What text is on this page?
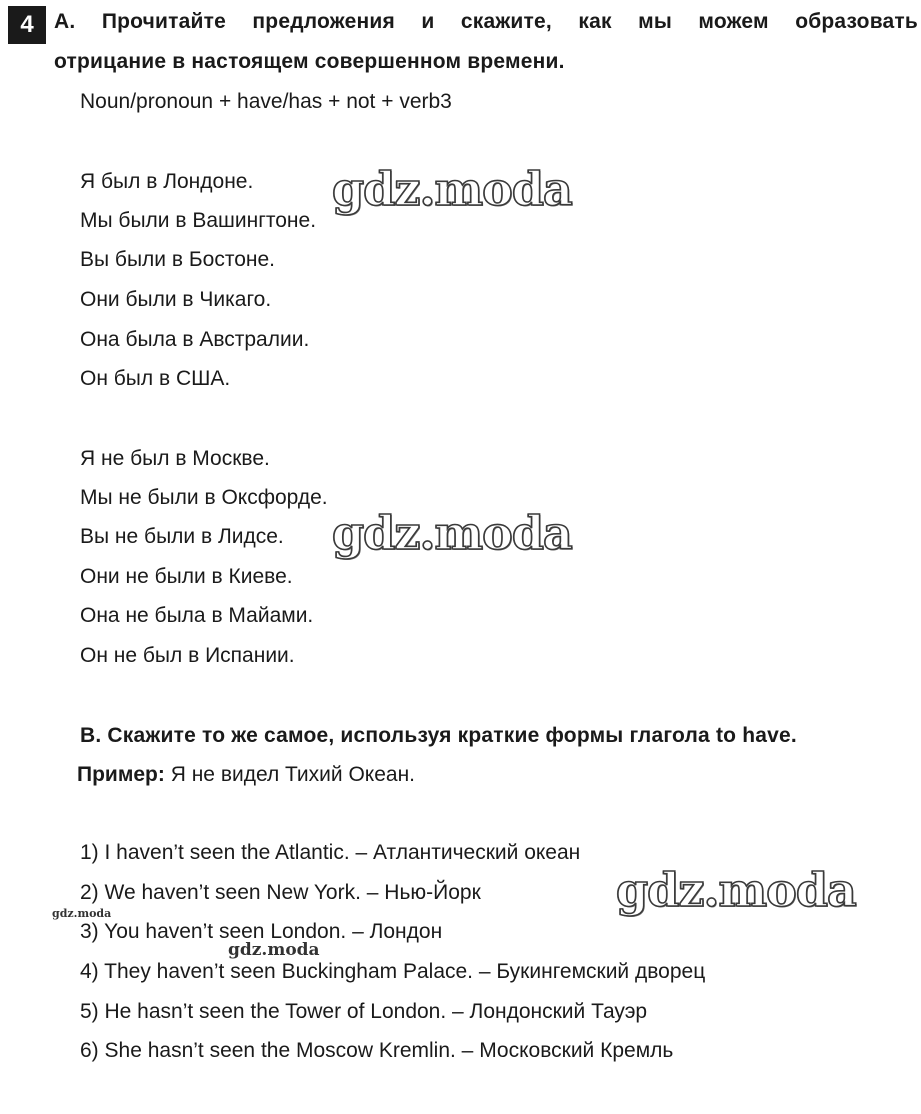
4 A. Прочитайте предложения и скажите, как мы можем образовать
отрицание в настоящем совершенном времени.
Noun/pronoun + have/has + not + verb3
Я был в Лондоне.
Мы были в Вашингтоне.
Вы были в Бостоне.
Они были в Чикаго.
Она была в Австралии.
Он был в США.
Я не был в Москве.
Мы не были в Оксфорде.
Вы не были в Лидсе.
Они не были в Киеве.
Она не была в Майами.
Он не был в Испании.
B. Скажите то же самое, используя краткие формы глагола to have.
Пример: Я не видел Тихий Океан.
1) I haven’t seen the Atlantic. – Атлантический океан
2) We haven’t seen New York. – Нью-Йорк
3) You haven’t seen London. – Лондон
4) They haven’t seen Buckingham Palace. – Букингемский дворец
5) He hasn’t seen the Tower of London. – Лондонский Тауэр
6) She hasn’t seen the Moscow Kremlin. – Московский Кремль
gdz.moda
gdz.moda
gdz.moda
gdz.moda
gdz.moda
